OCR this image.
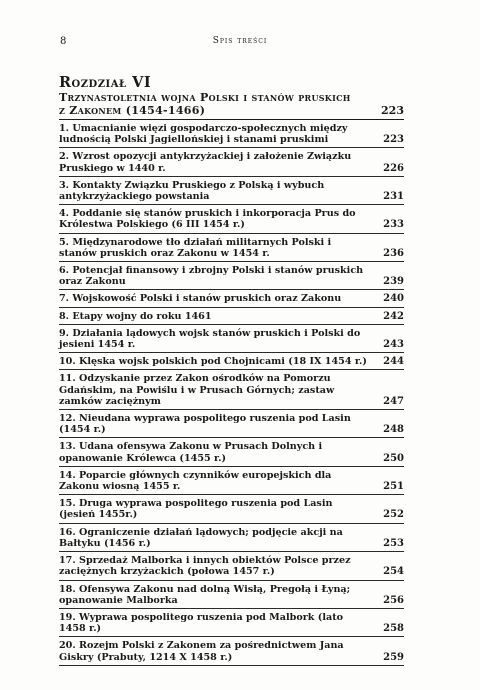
8	Spis treści
Rozdział VI
Trzynastoletnia wojna Polski i stanów pruskich
z Zakonem (1454-1466)	223
1. Umacnianie więzi gospodarczo-społecznych między ludnością Polski Jagiellońskiej i stanami pruskimi	223
2. Wzrost opozycji antykrzyżackiej i założenie Związku Pruskiego w 1440 r.	226
3. Kontakty Związku Pruskiego z Polską i wybuch antykrzyżackiego powstania	231
4. Poddanie się stanów pruskich i inkorporacja Prus do Królestwa Polskiego (6 III 1454 r.)	233
5. Międzynarodowe tło działań militarnych Polski i stanów pruskich oraz Zakonu w 1454 r.	236
6. Potencjał finansowy i zbrojny Polski i stanów pruskich oraz Zakonu	239
7. Wojskowość Polski i stanów pruskich oraz Zakonu	240
8. Etapy wojny do roku 1461	242
9. Działania lądowych wojsk stanów pruskich i Polski do jesieni 1454 r.	243
10. Klęska wojsk polskich pod Chojnicami (18 IX 1454 r.)	244
11. Odzyskanie przez Zakon ośrodków na Pomorzu Gdańskim, na Powiślu i w Prusach Górnych; zastaw zamków zaciężnym	247
12. Nieudana wyprawa pospolitego ruszenia pod Lasin (1454 r.)	248
13. Udana ofensywa Zakonu w Prusach Dolnych i opanowanie Królewca (1455 r.)	250
14. Poparcie głównych czynników europejskich dla Zakonu wiosną 1455 r.	251
15. Druga wyprawa pospolitego ruszenia pod Lasin (jesień 1455r.)	252
16. Ograniczenie działań lądowych; podjęcie akcji na Bałtyku (1456 r.)	253
17. Sprzedaż Malborka i innych obiektów Polsce przez zaciężnych krzyżackich (połowa 1457 r.)	254
18. Ofensywa Zakonu nad dolną Wisłą, Pregołą i Łyną; opanowanie Malborka	256
19. Wyprawa pospolitego ruszenia pod Malbork (lato 1458 r.)	258
20. Rozejm Polski z Zakonem za pośrednictwem Jana Giskry (Prabuty, 1214 X 1458 r.)	259
